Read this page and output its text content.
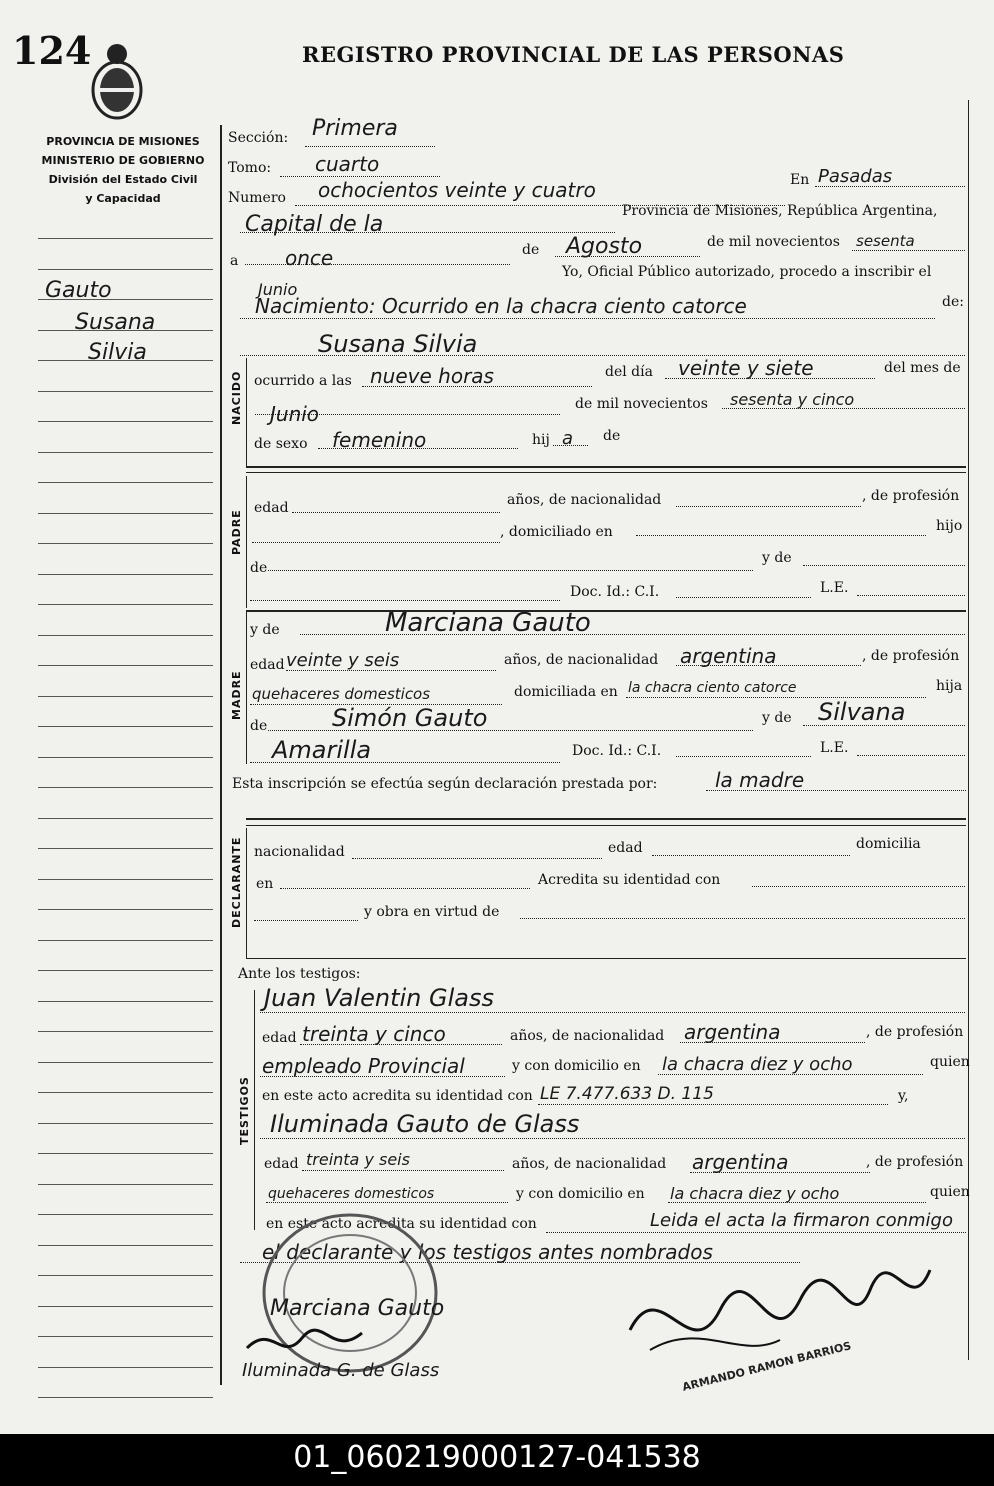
124	REGISTRO PROVINCIAL DE LAS PERSONAS
PROVINCIA DE MISIONES
MINISTERIO DE GOBIERNO
División del Estado Civil
y Capacidad
Gauto
Susana
Silvia
Sección: Primera
Tomo: cuarto
Numero ochocientos veinte y cuatro	En Pasadas
Capital de la
Provincia de Misiones, República Argentina,
a once	de Agosto	de mil novecientos sesenta
Yo, Oficial Público autorizado, procedo a inscribir el
Junio
Nacimiento: Ocurrido en la chacra ciento catorce	de:
Susana Silvia
NACIDO ocurrido a las nueve horas	del día veinte y siete	del mes de
Junio	de mil novecientos sesenta y cinco
de sexo femenino	hij a de
PADRE
edad	años, de nacionalidad	, de profesión
, domiciliado en	hijo
de
y de
Doc. Id.: C.I.	L.E.
MADRE
y de	Marciana Gauto
edad veinte y seis	años, de nacionalidad argentina	, de profesión
quehaceres domesticos	domiciliada en la chacra ciento catorce	hija
de	Simón Gauto	y de Silvana
Amarilla	Doc. Id.: C.I.	L.E.
Esta inscripción se efectúa según declaración prestada por:	la madre
DECLARANTE nacionalidad	edad	domicilia
en	Acredita su identidad con
y obra en virtud de
Ante los testigos:
TESTIGOS
Juan Valentin Glass
edad treinta y cinco	años, de nacionalidad argentina	, de profesión
empleado Provincial	y con domicilio en la chacra diez y ocho	quien
en este acto acredita su identidad con LE 7.477.633 D. 115	y,
Iluminada Gauto de Glass
edad treinta y seis	años, de nacionalidad argentina	, de profesión
quehaceres domesticos	y con domicilio en la chacra diez y ocho	quien
en este acto acredita su identidad con	Leida el acta la firmaron conmigo
el declarante y los testigos antes nombrados
Marciana Gauto
Iluminada G. de Glass	ARMANDO RAMON BARRIOS
01_060219000127-041538
